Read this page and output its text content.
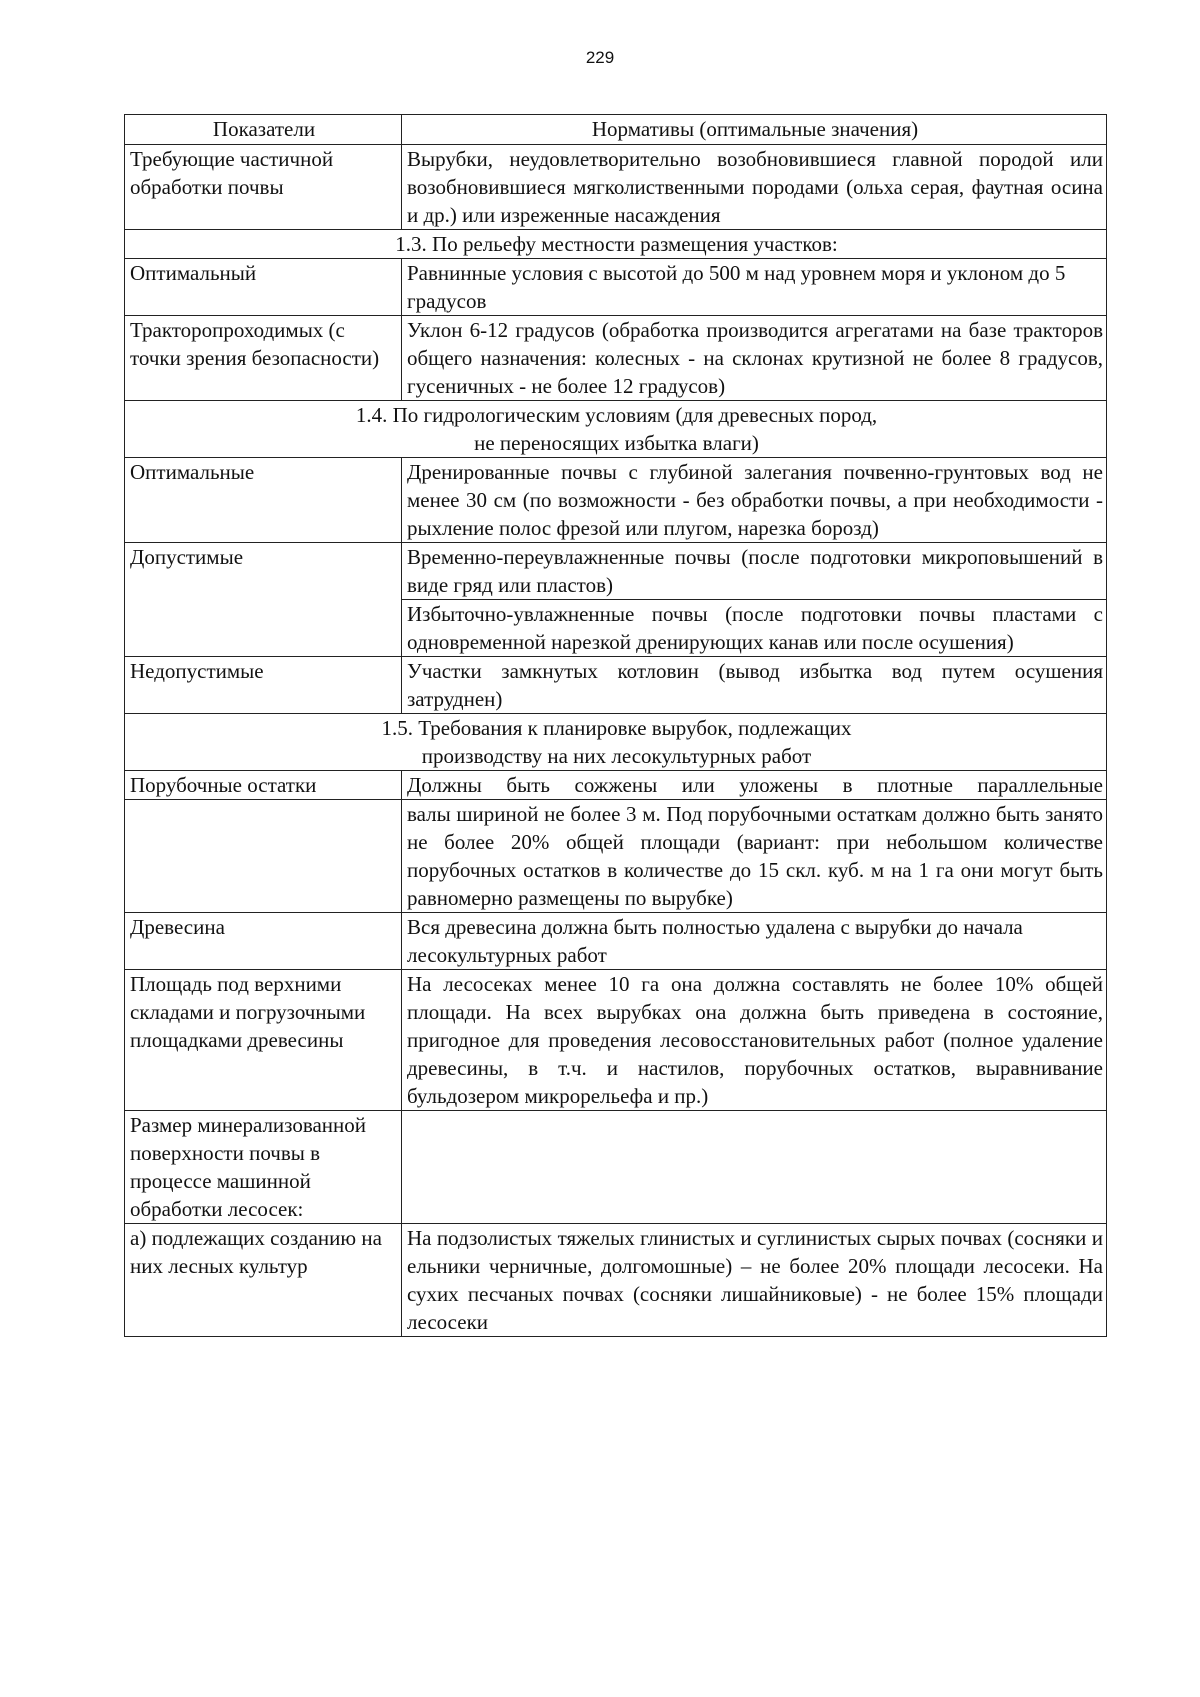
229
Показатели	Нормативы (оптимальные значения)
Требующие частичной обработки почвы	Вырубки, неудовлетворительно возобновившиеся главной породой или возобновившиеся мягколиственными породами (ольха серая, фаутная осина и др.) или изреженные насаждения
1.3. По рельефу местности размещения участков:	
Оптимальный	Равнинные условия с высотой до 500 м над уровнем моря и уклоном до 5 градусов
Тракторопроходимых (с точки зрения безопасности)	Уклон 6-12 градусов (обработка производится агрегатами на базе тракторов общего назначения: колесных - на склонах крутизной не более 8 градусов, гусеничных - не более 12 градусов)

1.4. По гидрологическим условиям (для древесных пород,
не переносящих избытка влаги)	

Оптимальные	Дренированные почвы с глубиной залегания почвенно-грунтовых вод не менее 30 см (по возможности - без обработки почвы, а при необходимости - рыхление полос фрезой или плугом, нарезка борозд)
Допустимые	Временно-переувлажненные почвы (после подготовки микроповышений в виде гряд или пластов)
	Избыточно-увлажненные почвы (после подготовки почвы пластами с одновременной нарезкой дренирующих канав или после осушения)
Недопустимые	Участки замкнутых котловин (вывод избытка вод путем осушения затруднен)

1.5. Требования к планировке вырубок, подлежащих
производству на них лесокультурных работ	

Порубочные остатки	Должны быть сожжены или уложены в плотные параллельные
	валы шириной не более 3 м. Под порубочными остаткам должно быть занято не более 20% общей площади (вариант: при небольшом количестве порубочных остатков в количестве до 15 скл. куб. м на 1 га они могут быть равномерно размещены по вырубке)
Древесина	Вся древесина должна быть полностью удалена с вырубки до начала лесокультурных работ
Площадь под верхними складами и погрузочными площадками древесины	На лесосеках менее 10 га она должна составлять не более 10% общей площади. На всех вырубках она должна быть приведена в состояние, пригодное для проведения лесовосстановительных работ (полное удаление древесины, в т.ч. и настилов, порубочных остатков, выравнивание бульдозером микрорельефа и пр.)
Размер минерализованной поверхности почвы в процессе машинной обработки лесосек:	
а) подлежащих созданию на них лесных культур	На подзолистых тяжелых глинистых и суглинистых сырых почвах (сосняки и ельники черничные, долгомошные) – не более 20% площади лесосеки. На сухих песчаных почвах (сосняки лишайниковые) - не более 15% площади лесосеки
